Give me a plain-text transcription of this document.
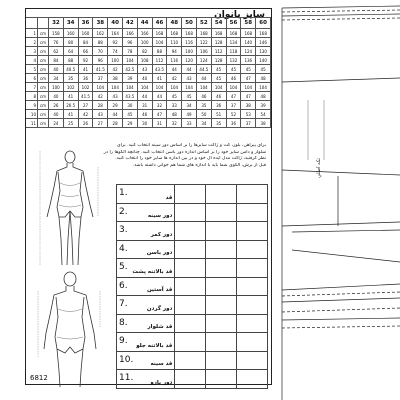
سایز بانوان
		32	34	36	38	40	42	44	46	48	50	52	54	56	58	60
1	cm	158	160	160	162	164	166	166	168	168	168	168	168	168	168	168
2	cm	76	80	84	88	92	96	100	104	110	116	122	128	134	140	146
3	cm	62	64	66	70	74	78	82	88	94	100	106	112	118	124	130
4	cm	84	88	92	96	100	104	108	112	116	120	124	128	132	136	140
5	cm	40	40.5	41	41.5	42	42.5	43	43.5	44	44	44.5	45	45	45	45
6	cm	34	35	36	37	38	39	40	41	42	43	44	45	46	47	48
7	cm	100	102	102	104	104	104	104	104	104	104	104	104	104	104	104
8	cm	40	41	41.5	42	43	43.5	44	44	45	45	46	46	47	47	48
9	cm	26	26.5	27	28	29	30	31	32	33	34	35	36	37	38	39
10	cm	40	41	42	43	44	45	46	47	48	49	50	51	52	53	54
11	cm	24	25	26	27	28	29	30	31	32	33	34	35	36	37	38
برای پیراهن، بلوز، کت و ژاکت سایزها را بر اساس دور سینه انتخاب کنید. برای
شلوار و دامن سایز خود را بر اساس اندازه دور باسن انتخاب کنید. چنانچه الگوها را در
نظر گرفتید، ژاکت مدل ایده آل خود و در بین اندازه ها سایز خود را انتخاب کنید.
قبل از برش، الگوی شما باید با اندازه های شما هم خوانی داشته باشد.
1. قد			

2. دور سینه			

3. دور کمر			

4. دور باسن			

5. قد بالاتنه پشت			

6. قد آستین			

7. دور گردن			

8. قد شلوار			

9. قد بالاتنه جلو			

10. قد سینه			

11. دور بازو			

6812
تكه اصلي
